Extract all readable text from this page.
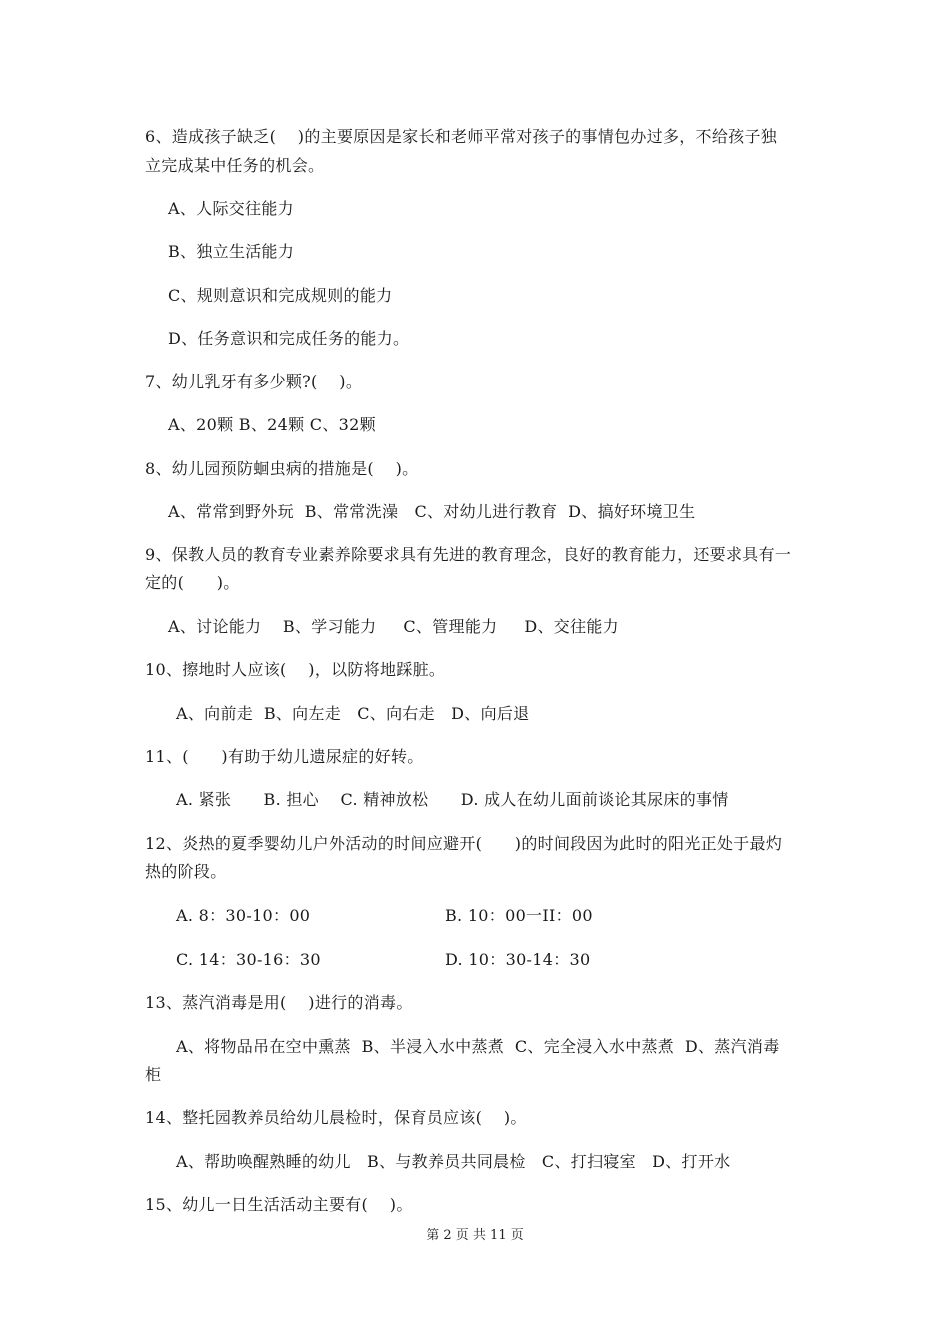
6、造成孩子缺乏(　 )的主要原因是家长和老师平常对孩子的事情包办过多，不给孩子独
立完成某中任务的机会。
A、人际交往能力
B、独立生活能力
C、规则意识和完成规则的能力
D、任务意识和完成任务的能力。
7、幼儿乳牙有多少颗?(　 )。
A、20颗 B、24颗 C、32颗
8、幼儿园预防蛔虫病的措施是(　 )。
A、常常到野外玩  B、常常洗澡   C、对幼儿进行教育  D、搞好环境卫生
9、保教人员的教育专业素养除要求具有先进的教育理念，良好的教育能力，还要求具有一
定的(　　)。
A、讨论能力    B、学习能力     C、管理能力     D、交往能力
10、擦地时人应该(　 )，以防将地踩脏。
A、向前走  B、向左走   C、向右走   D、向后退
11、(　　)有助于幼儿遗尿症的好转。
A. 紧张      B. 担心    C. 精神放松      D. 成人在幼儿面前谈论其尿床的事情
12、炎热的夏季婴幼儿户外活动的时间应避开(　　)的时间段因为此时的阳光正处于最灼
热的阶段。
A. 8：30-10：00	B. 10：00一II：00
C. 14：30-16：30	D. 10：30-14：30
13、蒸汽消毒是用(　 )进行的消毒。
A、将物品吊在空中熏蒸  B、半浸入水中蒸煮  C、完全浸入水中蒸煮  D、蒸汽消毒
柜
14、整托园教养员给幼儿晨检时，保育员应该(　 )。
A、帮助唤醒熟睡的幼儿   B、与教养员共同晨检   C、打扫寝室   D、打开水
15、幼儿一日生活活动主要有(　 )。
第 2 页 共 11 页
